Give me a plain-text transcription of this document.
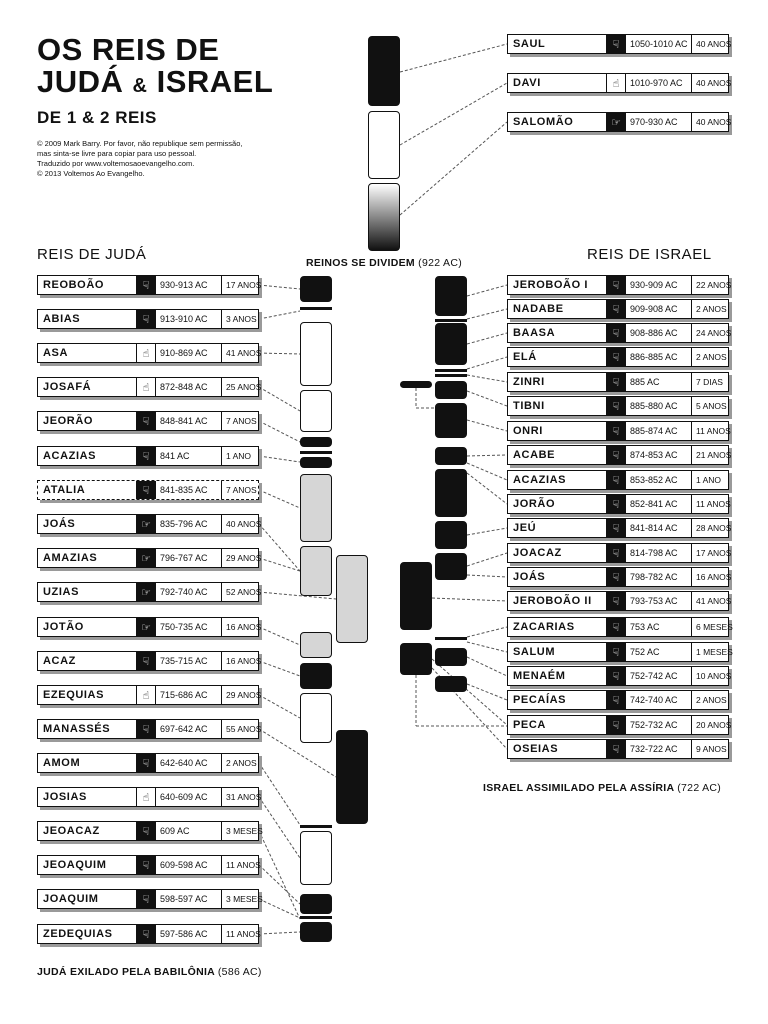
OS REIS DE
JUDÁ & ISRAEL
DE 1 & 2 REIS
© 2009 Mark Barry. Por favor, não republique sem permissão,
mas sinta-se livre para copiar para uso pessoal.
Traduzido por www.voltemosaoevangelho.com.
© 2013 Voltemos Ao Evangelho.
REIS DE JUDÁ	REIS DE ISRAEL
REINOS SE DIVIDEM (922 AC)
JUDÁ EXILADO PELA BABILÔNIA (586 AC)
ISRAEL ASSIMILADO PELA ASSÍRIA (722 AC)
SAUL	☟	1050-1010 AC 40 ANOS
DAVI	☝	1010-970 AC	40 ANOS
SALOMÃO	☞	970-930 AC	40 ANOS
REOBOÃO	☟	930-913 AC	17 ANOS
ABIAS	☟	913-910 AC	3 ANOS
ASA	☝	910-869 AC	41 ANOS
JOSAFÁ	☝	872-848 AC	25 ANOS
JEORÃO	☟	848-841 AC	7 ANOS
ACAZIAS	☟	841 AC	1 ANO
ATALIA	☟	841-835 AC	7 ANOS
JOÁS	☞	835-796 AC	40 ANOS
AMAZIAS	☞	796-767 AC	29 ANOS
UZIAS	☞	792-740 AC	52 ANOS
JOTÃO	☞	750-735 AC	16 ANOS
ACAZ	☟	735-715 AC	16 ANOS
EZEQUIAS	☝	715-686 AC	29 ANOS
MANASSÉS	☟	697-642 AC	55 ANOS
AMOM	☟	642-640 AC	2 ANOS
JOSIAS	☝	640-609 AC	31 ANOS
JEOACAZ	☟	609 AC	3 MESES
JEOAQUIM	☟	609-598 AC	11 ANOS
JOAQUIM	☟	598-597 AC	3 MESES
ZEDEQUIAS	☟	597-586 AC	11 ANOS
JEROBOÃO I	☟	930-909 AC	22 ANOS
NADABE	☟	909-908 AC	2 ANOS
BAASA	☟	908-886 AC	24 ANOS
ELÁ	☟	886-885 AC	2 ANOS
ZINRI	☟	885 AC	7 DIAS
TIBNI	☟	885-880 AC	5 ANOS
ONRI	☟	885-874 AC	11 ANOS
ACABE	☟	874-853 AC	21 ANOS
ACAZIAS	☟	853-852 AC	1 ANO
JORÃO	☟	852-841 AC	11 ANOS
JEÚ	☟	841-814 AC	28 ANOS
JOACAZ	☟	814-798 AC	17 ANOS
JOÁS	☟	798-782 AC	16 ANOS
JEROBOÃO II	☟	793-753 AC	41 ANOS
ZACARIAS	☟	753 AC	6 MESES
SALUM	☟	752 AC	1 MESES
MENAÉM	☟	752-742 AC	10 ANOS
PECAÍAS	☟	742-740 AC	2 ANOS
PECA	☟	752-732 AC	20 ANOS
OSEIAS	☟	732-722 AC	9 ANOS
